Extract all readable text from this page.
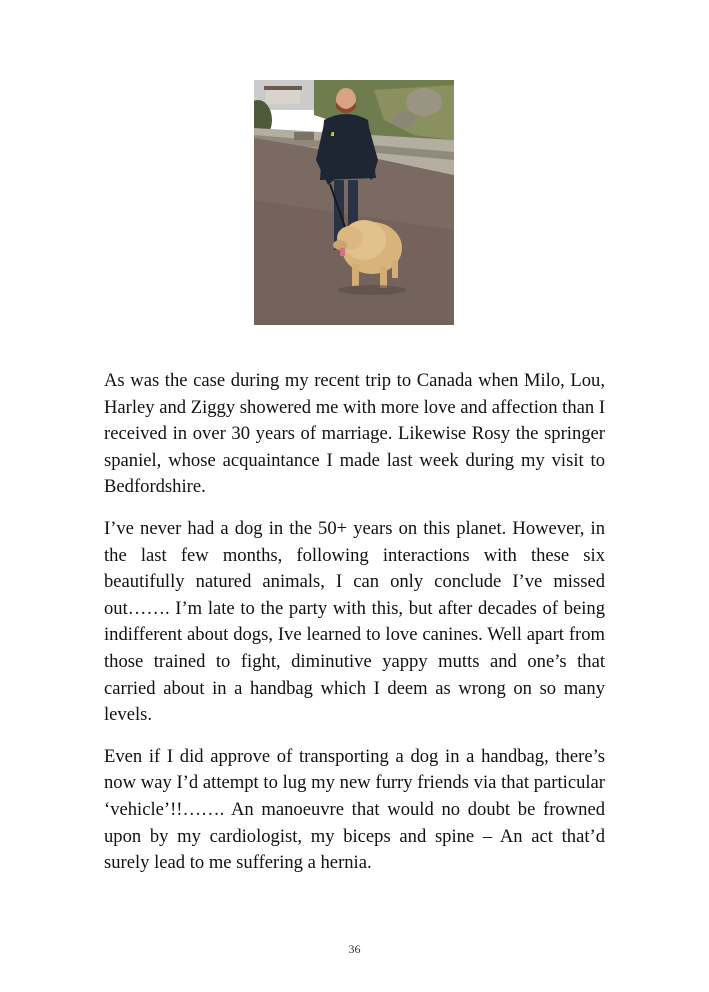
As was the case during my recent trip to Canada when Milo, Lou, Harley and Ziggy showered me with more love and affection than I received in over 30 years of marriage. Likewise Rosy the springer spaniel, whose acquaintance I made last week during my visit to Bedfordshire.

I’ve never had a dog in the 50+ years on this planet. However, in the last few months, following interactions with these six beautifully natured animals, I can only conclude I’ve missed out……. I’m late to the party with this, but after decades of being indifferent about dogs, Ive learned to love canines. Well apart from those trained to fight, diminutive yappy mutts and one’s that carried about in a handbag which I deem as wrong on so many levels.

Even if I did approve of transporting a dog in a handbag, there’s now way I’d attempt to lug my new furry friends via that particular ‘vehicle’!!……. An manoeuvre that would no doubt be frowned upon by my cardiologist, my biceps and spine – An act that’d surely lead to me suffering a hernia.

36
